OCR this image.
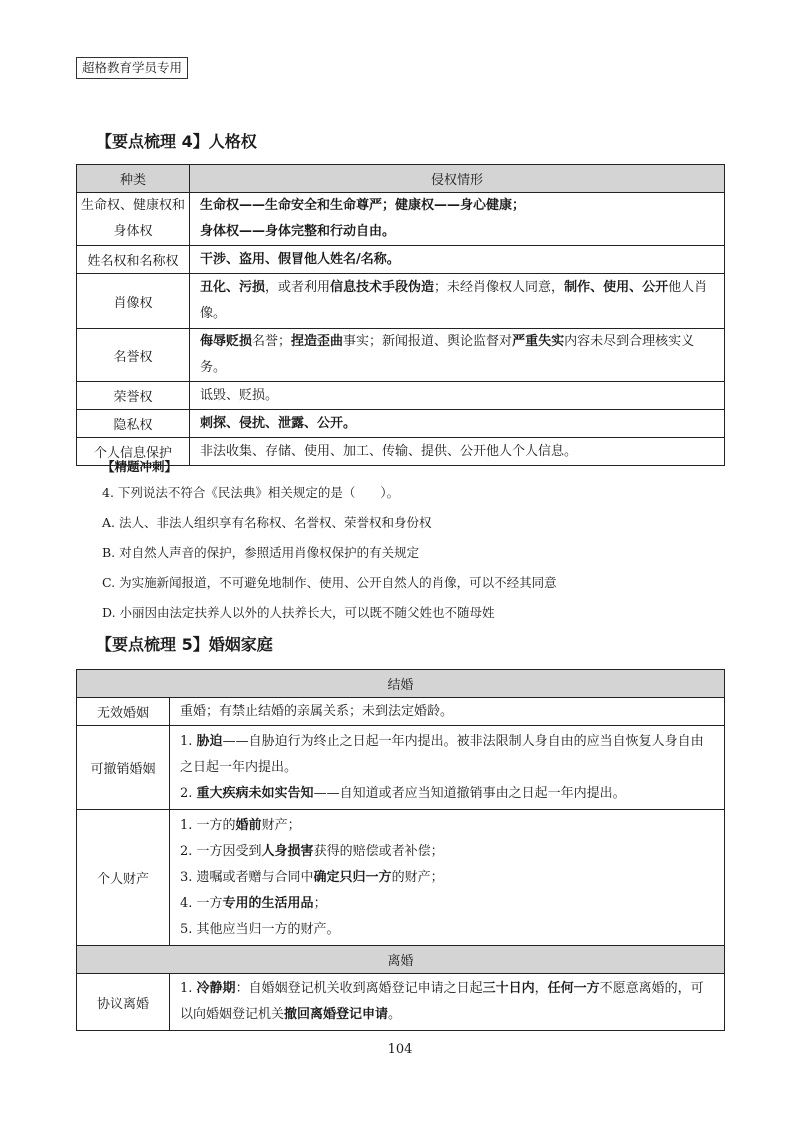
超格教育学员专用
【要点梳理 4】人格权
种类	侵权情形

生命权、健康权和
身体权	生命权——生命安全和生命尊严；健康权——身心健康；
身体权——身体完整和行动自由。

姓名权和名称权	干涉、盗用、假冒他人姓名/名称。

肖像权	丑化、污损，或者利用信息技术手段伪造；未经肖像权人同意，制作、使用、公开他人肖
像。

名誉权	侮辱贬损名誉；捏造歪曲事实；新闻报道、舆论监督对严重失实内容未尽到合理核实义务。

荣誉权	诋毁、贬损。

隐私权	刺探、侵扰、泄露、公开。

个人信息保护	非法收集、存储、使用、加工、传输、提供、公开他人个人信息。
【精题冲刺】
4. 下列说法不符合《民法典》相关规定的是（　　）。
A. 法人、非法人组织享有名称权、名誉权、荣誉权和身份权
B. 对自然人声音的保护，参照适用肖像权保护的有关规定
C. 为实施新闻报道，不可避免地制作、使用、公开自然人的肖像，可以不经其同意
D. 小丽因由法定扶养人以外的人扶养长大，可以既不随父姓也不随母姓
【要点梳理 5】婚姻家庭
结婚	
无效婚姻	重婚；有禁止结婚的亲属关系；未到法定婚龄。

可撤销婚姻	1. 胁迫——自胁迫行为终止之日起一年内提出。被非法限制人身自由的应当自恢复人身自由
之日起一年内提出。
2. 重大疾病未如实告知——自知道或者应当知道撤销事由之日起一年内提出。

个人财产	1. 一方的婚前财产；
2. 一方因受到人身损害获得的赔偿或者补偿；
3. 遗嘱或者赠与合同中确定只归一方的财产；
4. 一方专用的生活用品；
5. 其他应当归一方的财产。

离婚	
协议离婚	1. 冷静期：自婚姻登记机关收到离婚登记申请之日起三十日内，任何一方不愿意离婚的，可
以向婚姻登记机关撤回离婚登记申请。
104
